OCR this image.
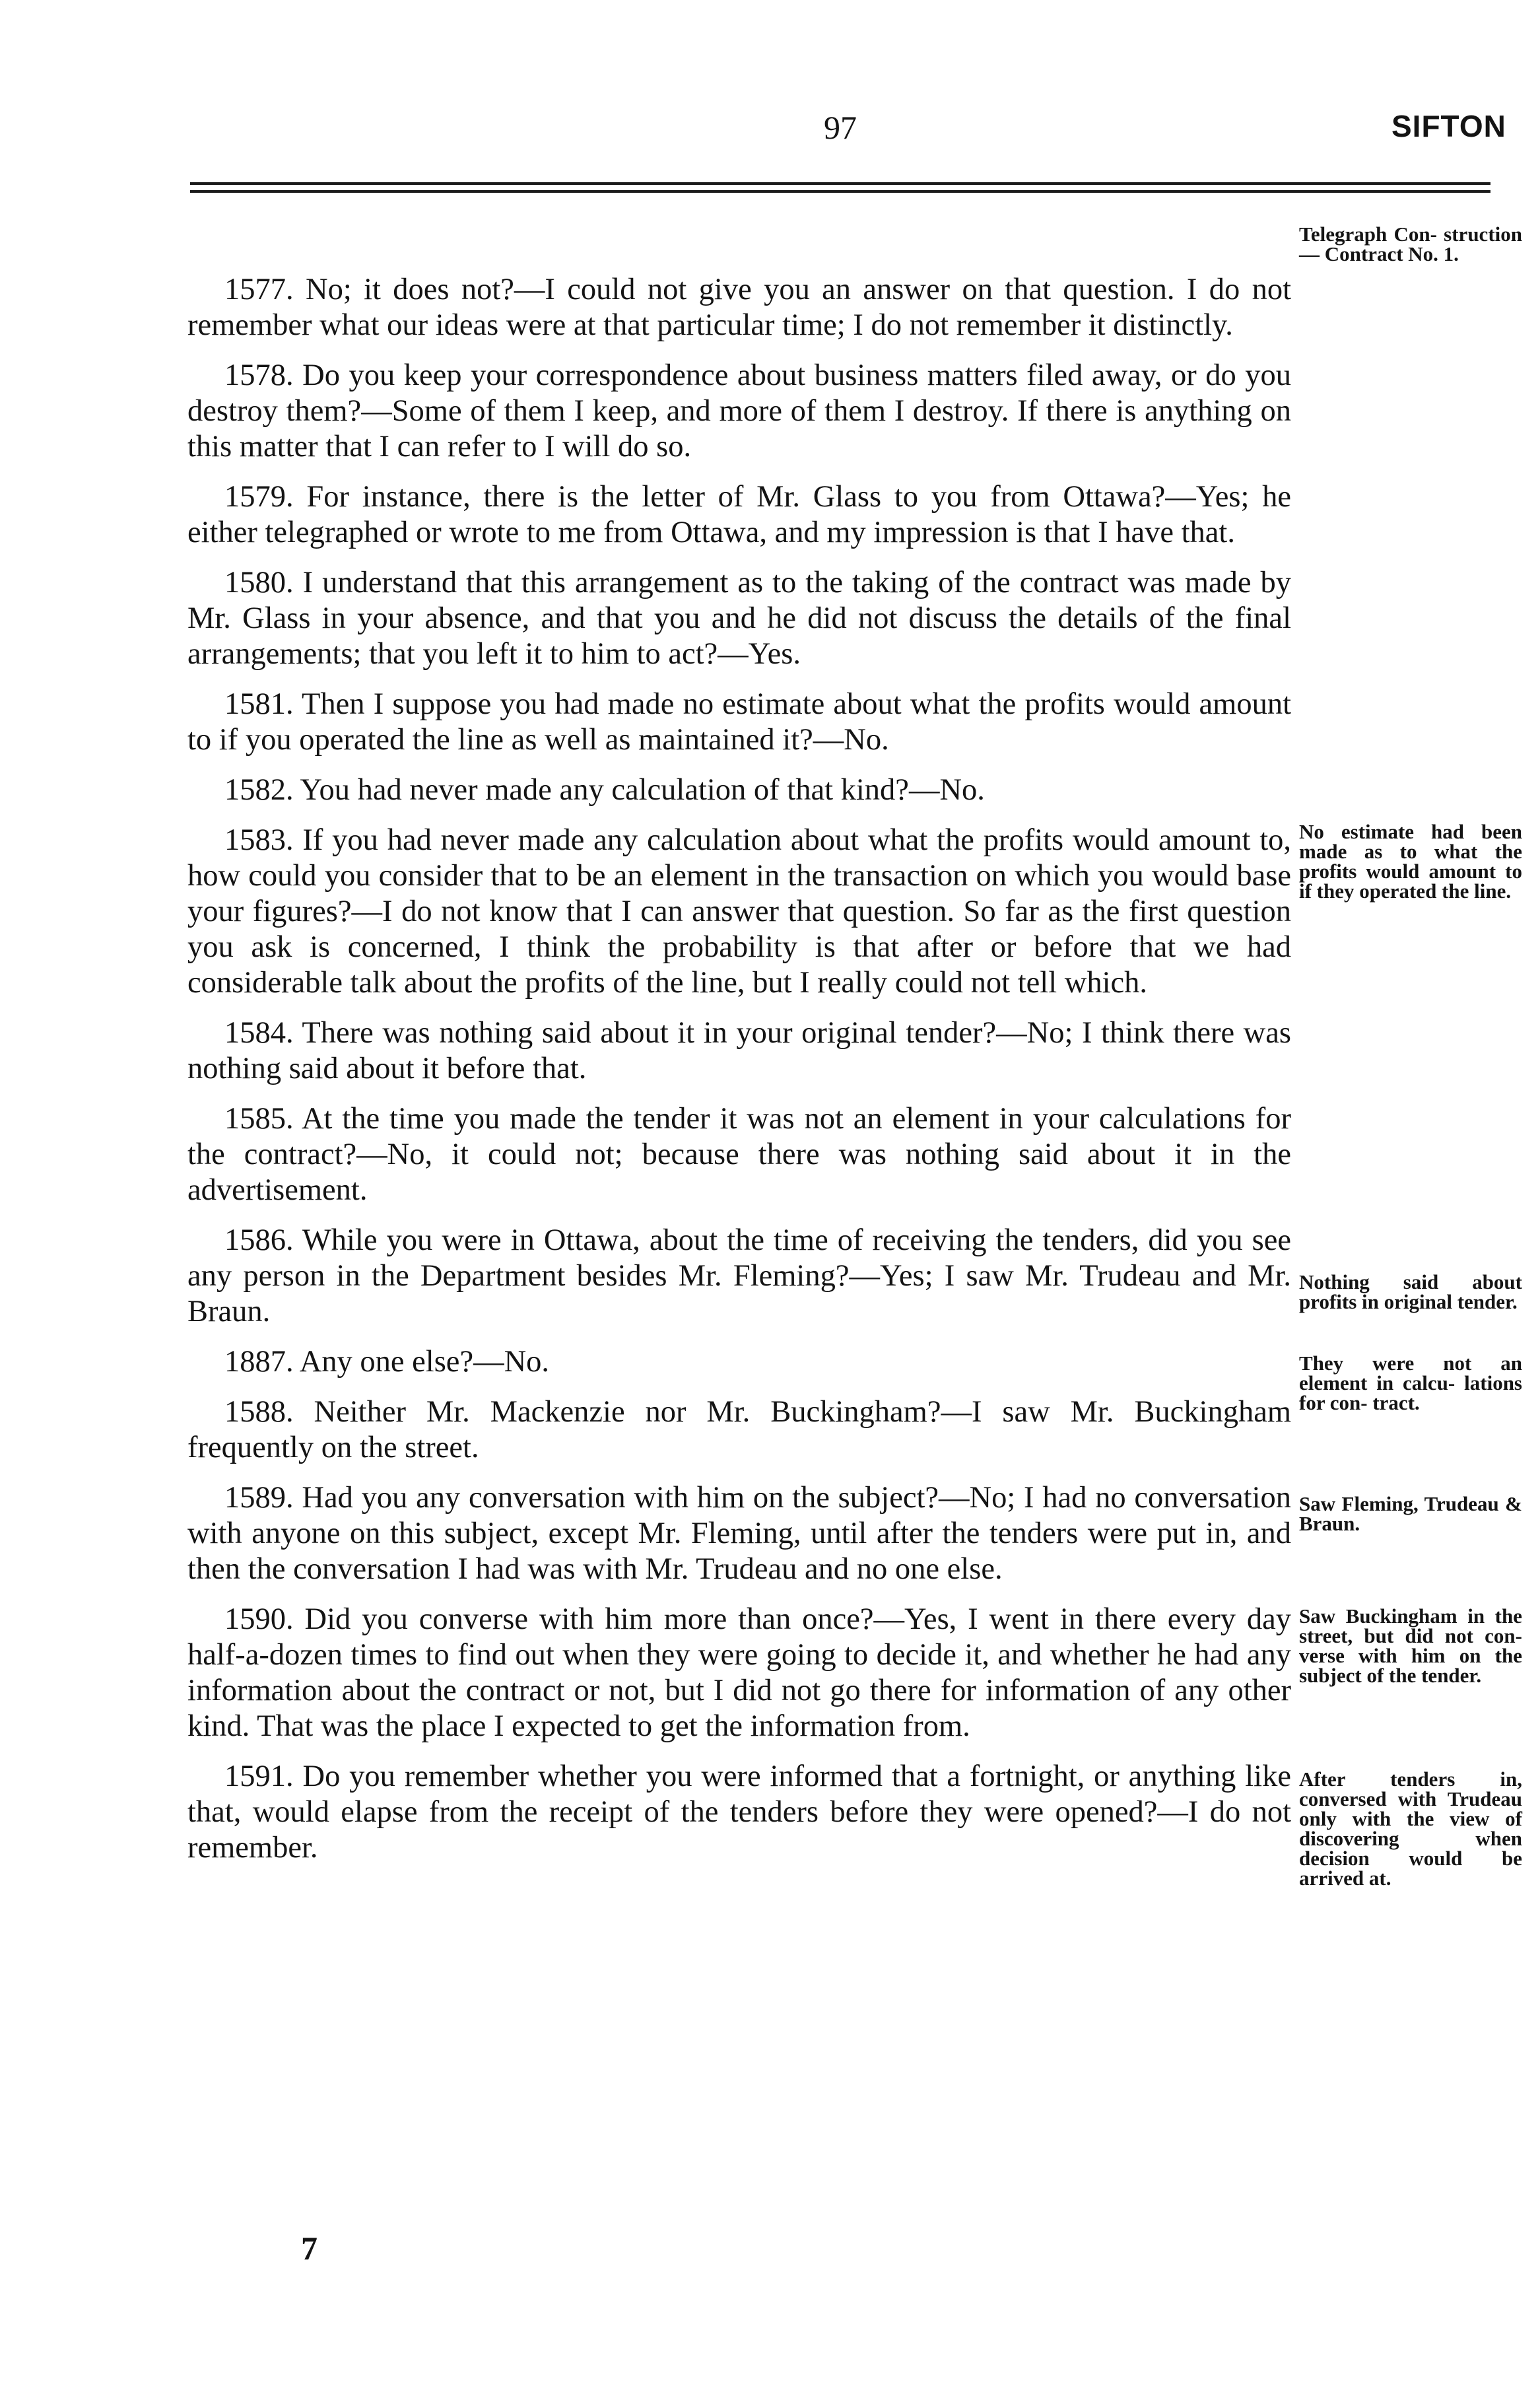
97	SIFTON
Telegraph Con- struction — Contract No. 1.
No estimate had been made as to what the profits would amount to if they operated the line.
Nothing said about profits in original tender.
They were not an element in calcu- lations for con- tract.
Saw Fleming, Trudeau & Braun.
Saw Buckingham in the street, but did not con- verse with him on the subject of the tender.
After tenders in, conversed with Trudeau only with the view of discovering when decision would be arrived at.

1577. No; it does not?—I could not give you an answer on that question. I do not remember what our ideas were at that particular time; I do not remember it distinctly.

1578. Do you keep your correspondence about business matters filed away, or do you destroy them?—Some of them I keep, and more of them I destroy. If there is anything on this matter that I can refer to I will do so.

1579. For instance, there is the letter of Mr. Glass to you from Ottawa?—Yes; he either telegraphed or wrote to me from Ottawa, and my impression is that I have that.

1580. I understand that this arrangement as to the taking of the contract was made by Mr. Glass in your absence, and that you and he did not discuss the details of the final arrangements; that you left it to him to act?—Yes.

1581. Then I suppose you had made no estimate about what the profits would amount to if you operated the line as well as maintained it?—No.

1582. You had never made any calculation of that kind?—No.

1583. If you had never made any calculation about what the profits would amount to, how could you consider that to be an element in the transaction on which you would base your figures?—I do not know that I can answer that question. So far as the first question you ask is concerned, I think the probability is that after or before that we had considerable talk about the profits of the line, but I really could not tell which.

1584. There was nothing said about it in your original tender?—No; I think there was nothing said about it before that.

1585. At the time you made the tender it was not an element in your calculations for the contract?—No, it could not; because there was nothing said about it in the advertisement.

1586. While you were in Ottawa, about the time of receiving the tenders, did you see any person in the Department besides Mr. Fleming?—Yes; I saw Mr. Trudeau and Mr. Braun.

1887. Any one else?—No.

1588. Neither Mr. Mackenzie nor Mr. Buckingham?—I saw Mr. Buckingham frequently on the street.

1589. Had you any conversation with him on the subject?—No; I had no conversation with anyone on this subject, except Mr. Fleming, until after the tenders were put in, and then the conversation I had was with Mr. Trudeau and no one else.

1590. Did you converse with him more than once?—Yes, I went in there every day half-a-dozen times to find out when they were going to decide it, and whether he had any information about the contract or not, but I did not go there for information of any other kind. That was the place I expected to get the information from.

1591. Do you remember whether you were informed that a fortnight, or anything like that, would elapse from the receipt of the tenders before they were opened?—I do not remember.

7
